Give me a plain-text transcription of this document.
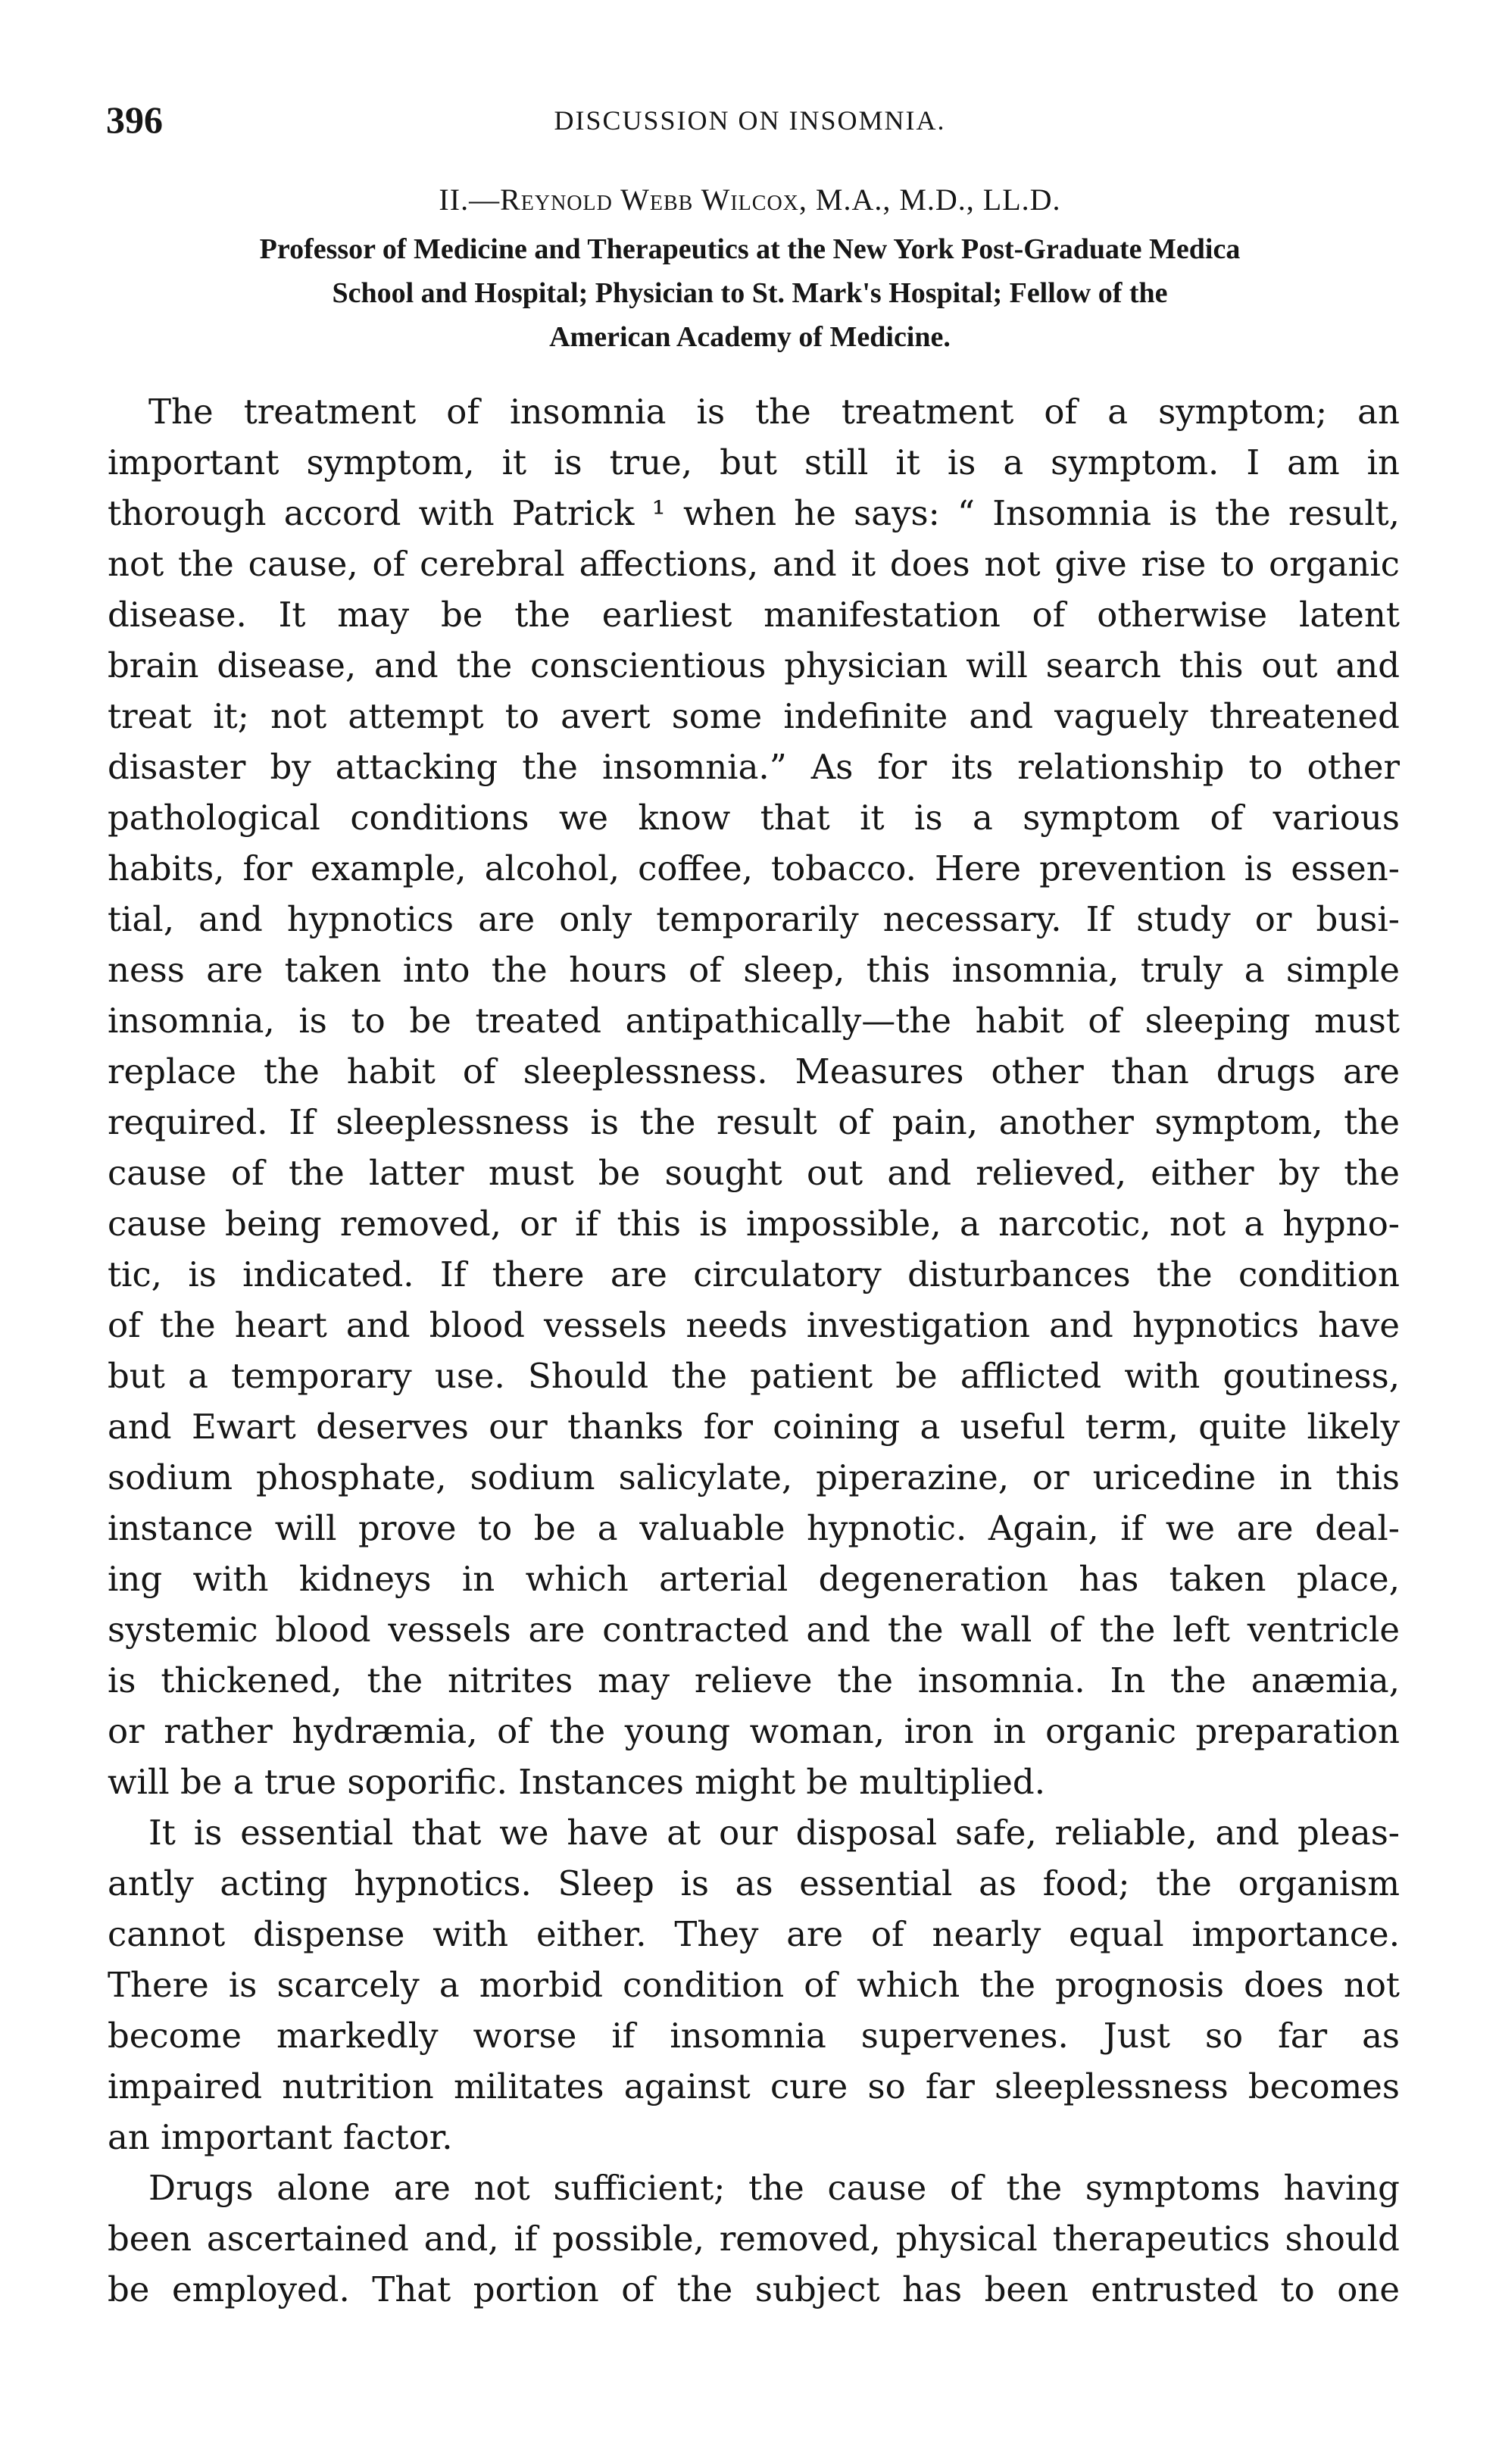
396	DISCUSSION ON INSOMNIA.
II.—Reynold Webb Wilcox, M.A., M.D., LL.D.
Professor of Medicine and Therapeutics at the New York Post-Graduate Medica
School and Hospital; Physician to St. Mark's Hospital; Fellow of the
American Academy of Medicine.
The treatment of insomnia is the treatment of a symptom; an
important symptom, it is true, but still it is a symptom. I am in
thorough accord with Patrick ¹ when he says: “ Insomnia is the result,
not the cause, of cerebral affections, and it does not give rise to organic
disease. It may be the earliest manifestation of otherwise latent
brain disease, and the conscientious physician will search this out and
treat it; not attempt to avert some indefinite and vaguely threatened
disaster by attacking the insomnia.” As for its relationship to other
pathological conditions we know that it is a symptom of various
habits, for example, alcohol, coffee, tobacco. Here prevention is essen-
tial, and hypnotics are only temporarily necessary. If study or busi-
ness are taken into the hours of sleep, this insomnia, truly a simple
insomnia, is to be treated antipathically—the habit of sleeping must
replace the habit of sleeplessness. Measures other than drugs are
required. If sleeplessness is the result of pain, another symptom, the
cause of the latter must be sought out and relieved, either by the
cause being removed, or if this is impossible, a narcotic, not a hypno-
tic, is indicated. If there are circulatory disturbances the condition
of the heart and blood vessels needs investigation and hypnotics have
but a temporary use. Should the patient be afflicted with goutiness,
and Ewart deserves our thanks for coining a useful term, quite likely
sodium phosphate, sodium salicylate, piperazine, or uricedine in this
instance will prove to be a valuable hypnotic. Again, if we are deal-
ing with kidneys in which arterial degeneration has taken place,
systemic blood vessels are contracted and the wall of the left ventricle
is thickened, the nitrites may relieve the insomnia. In the anæmia,
or rather hydræmia, of the young woman, iron in organic preparation
will be a true soporific. Instances might be multiplied.
It is essential that we have at our disposal safe, reliable, and pleas-
antly acting hypnotics. Sleep is as essential as food; the organism
cannot dispense with either. They are of nearly equal importance.
There is scarcely a morbid condition of which the prognosis does not
become markedly worse if insomnia supervenes. Just so far as
impaired nutrition militates against cure so far sleeplessness becomes
an important factor.
Drugs alone are not sufficient; the cause of the symptoms having
been ascertained and, if possible, removed, physical therapeutics should
be employed. That portion of the subject has been entrusted to one
